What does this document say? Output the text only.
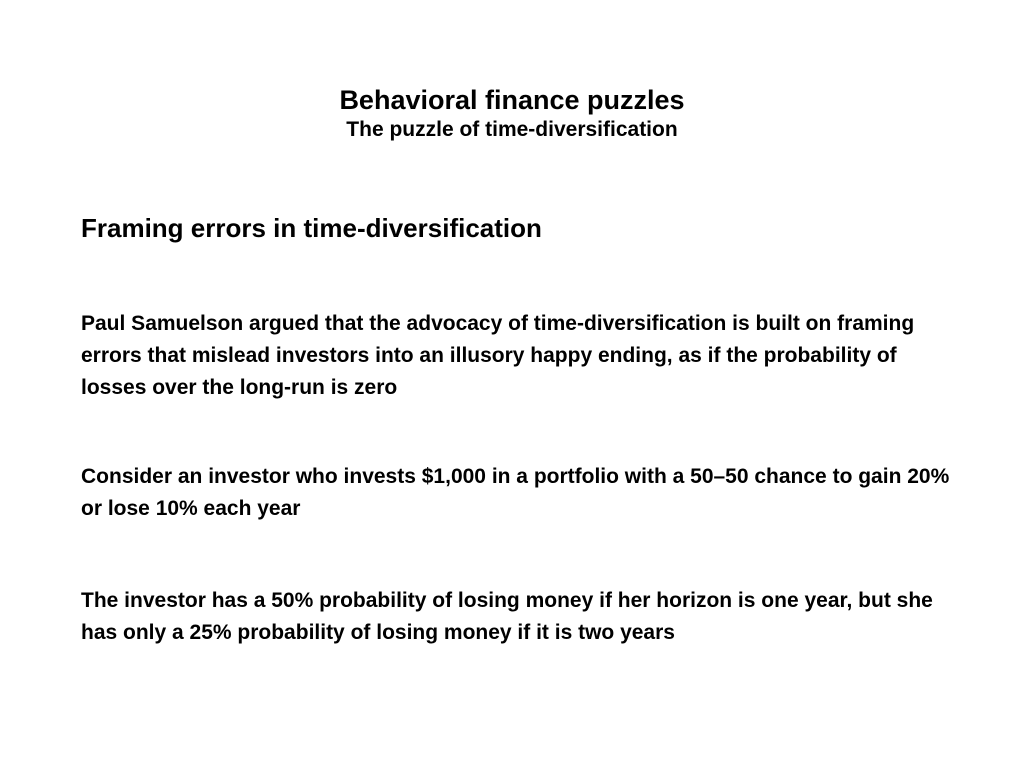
Behavioral finance puzzles
The puzzle of time-diversification
Framing errors in time-diversification

Paul Samuelson argued that the advocacy of time-diversification is built on framing errors that mislead investors into an illusory happy ending, as if the probability of losses over the long-run is zero

Consider an investor who invests $1,000 in a portfolio with a 50–50 chance to gain 20% or lose 10% each year

The investor has a 50% probability of losing money if her horizon is one year, but she has only a 25% probability of losing money if it is two years
